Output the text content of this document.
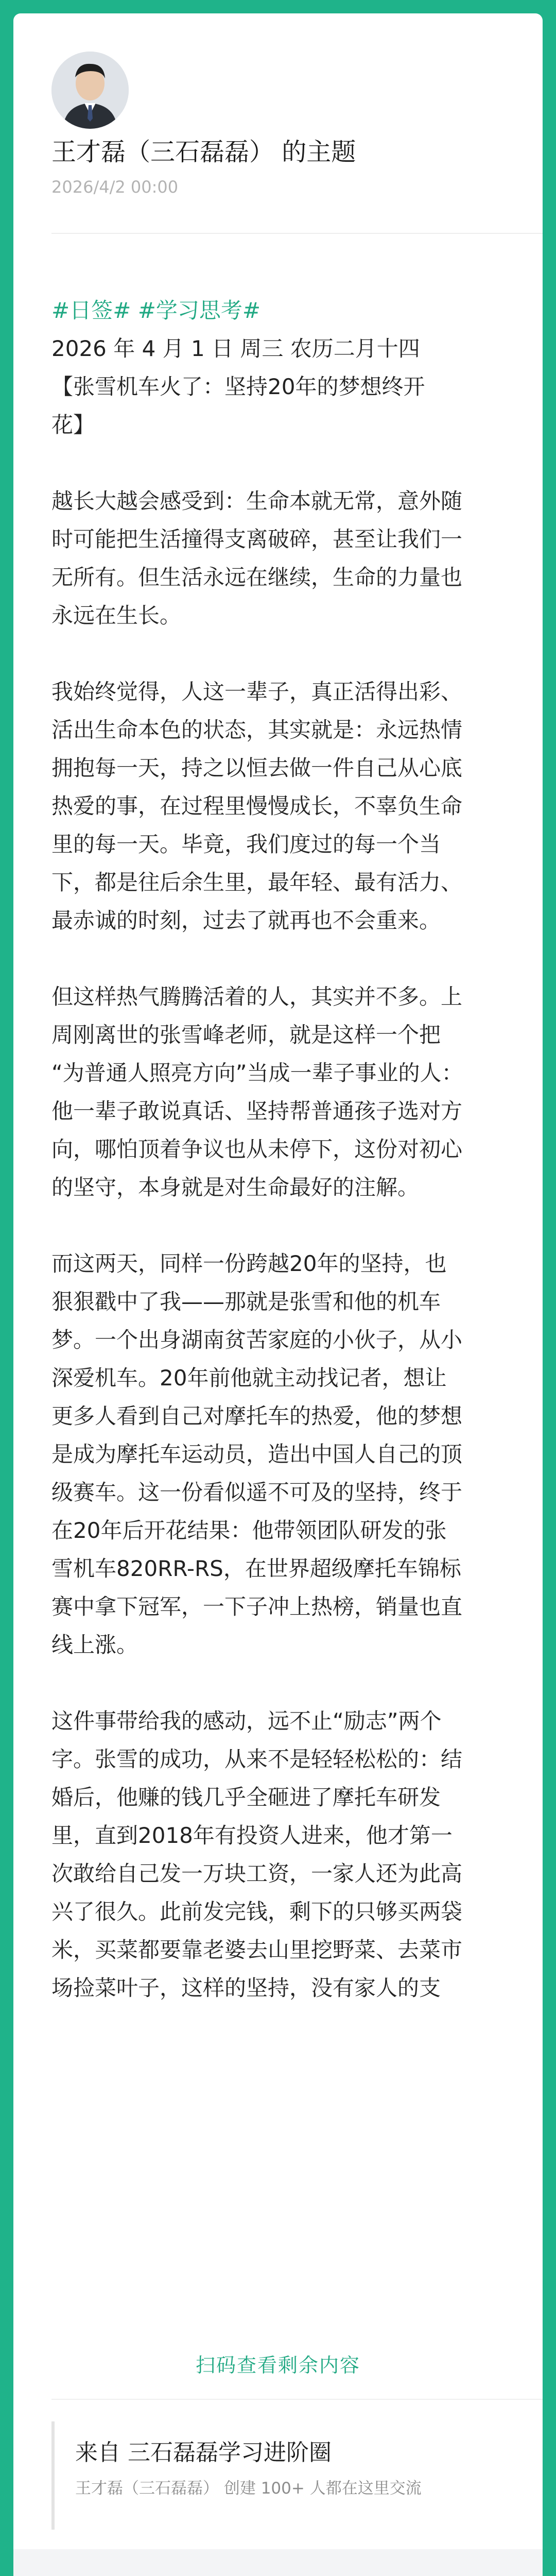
王才磊（三石磊磊） 的主题
2026/4/2 00:00

#日签# #学习思考#

2026 年 4 月 1 日 周三 农历二月十四

【张雪机车火了：坚持20年的梦想终开

花】

越长大越会感受到：生命本就无常，意外随

时可能把生活撞得支离破碎，甚至让我们一

无所有。但生活永远在继续，生命的力量也

永远在生长。

我始终觉得，人这一辈子，真正活得出彩、

活出生命本色的状态，其实就是：永远热情

拥抱每一天，持之以恒去做一件自己从心底

热爱的事，在过程里慢慢成长，不辜负生命

里的每一天。毕竟，我们度过的每一个当

下，都是往后余生里，最年轻、最有活力、

最赤诚的时刻，过去了就再也不会重来。

但这样热气腾腾活着的人，其实并不多。上

周刚离世的张雪峰老师，就是这样一个把

“为普通人照亮方向”当成一辈子事业的人：

他一辈子敢说真话、坚持帮普通孩子选对方

向，哪怕顶着争议也从未停下，这份对初心

的坚守，本身就是对生命最好的注解。

而这两天，同样一份跨越20年的坚持，也

狠狠戳中了我——那就是张雪和他的机车

梦。一个出身湖南贫苦家庭的小伙子，从小

深爱机车。20年前他就主动找记者，想让

更多人看到自己对摩托车的热爱，他的梦想

是成为摩托车运动员，造出中国人自己的顶

级赛车。这一份看似遥不可及的坚持，终于

在20年后开花结果：他带领团队研发的张

雪机车820RR-RS，在世界超级摩托车锦标

赛中拿下冠军，一下子冲上热榜，销量也直

线上涨。

这件事带给我的感动，远不止“励志”两个

字。张雪的成功，从来不是轻轻松松的：结

婚后，他赚的钱几乎全砸进了摩托车研发

里，直到2018年有投资人进来，他才第一

次敢给自己发一万块工资，一家人还为此高

兴了很久。此前发完钱，剩下的只够买两袋

米，买菜都要靠老婆去山里挖野菜、去菜市

场捡菜叶子，这样的坚持，没有家人的支

扫码查看剩余内容
来自 三石磊磊学习进阶圈
王才磊（三石磊磊） 创建 100+ 人都在这里交流
